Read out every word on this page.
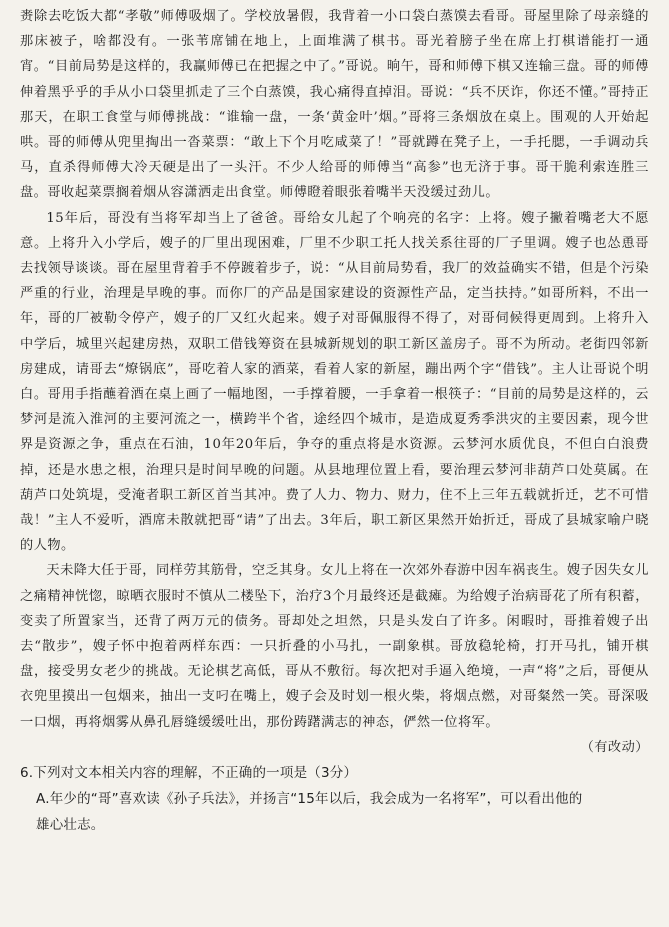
赉除去吃饭大都“孝敬”师傅吸烟了。学校放暑假，我背着一小口袋白蒸馍去看哥。哥屋里除了母亲缝的那床被子，啥都没有。一张苇席铺在地上，上面堆满了棋书。哥光着膀子坐在席上打棋谱能打一通宵。“目前局势是这样的，我赢师傅已在把握之中了。”哥说。晌午，哥和师傅下棋又连输三盘。哥的师傅伸着黑乎乎的手从小口袋里抓走了三个白蒸馍，我心痛得直掉泪。哥说：“兵不厌诈，你还不懂。”哥持正那天，在职工食堂与师傅挑战：“谁输一盘，一条‘黄金叶’烟。”哥将三条烟放在桌上。围观的人开始起哄。哥的师傅从兜里掏出一沓菜票：“敢上下个月吃咸菜了！”哥就蹲在凳子上，一手托腮，一手调动兵马，直杀得师傅大冷天硬是出了一头汗。不少人给哥的师傅当“高参”也无济于事。哥干脆利索连胜三盘。哥收起菜票搁着烟从容潇洒走出食堂。师傅瞪着眼张着嘴半天没缓过劲儿。

15年后，哥没有当将军却当上了爸爸。哥给女儿起了个响亮的名字：上将。嫂子撇着嘴老大不愿意。上将升入小学后，嫂子的厂里出现困难，厂里不少职工托人找关系往哥的厂子里调。嫂子也怂恿哥去找领导谈谈。哥在屋里背着手不停踱着步子，说：“从目前局势看，我厂的效益确实不错，但是个污染严重的行业，治理是早晚的事。而你厂的产品是国家建设的资源性产品，定当扶持。”如哥所料，不出一年，哥的厂被勒令停产，嫂子的厂又红火起来。嫂子对哥佩服得不得了，对哥伺候得更周到。上将升入中学后，城里兴起建房热，双职工借钱筹资在县城新规划的职工新区盖房子。哥不为所动。老街四邻新房建成，请哥去“燎锅底”，哥吃着人家的酒菜，看着人家的新屋，蹦出两个字“借钱”。主人让哥说个明白。哥用手指蘸着酒在桌上画了一幅地图，一手撑着腰，一手拿着一根筷子：“目前的局势是这样的，云梦河是流入淮河的主要河流之一，横跨半个省，途经四个城市，是造成夏秀季洪灾的主要因素，现今世界是资源之争，重点在石油，10年20年后，争夺的重点将是水资源。云梦河水质优良，不但白白浪费掉，还是水患之根，治理只是时间早晚的问题。从县地理位置上看，要治理云梦河非葫芦口处莫属。在葫芦口处筑堤，受淹者职工新区首当其冲。费了人力、物力、财力，住不上三年五载就折迁，艺不可惜哉！”主人不爱听，酒席未散就把哥“请”了出去。3年后，职工新区果然开始折迁，哥成了县城家喻户晓的人物。

天未降大任于哥，同样劳其筋骨，空乏其身。女儿上将在一次郊外春游中因车祸丧生。嫂子因失女儿之痛精神恍惚，晾晒衣服时不慎从二楼坠下，治疗3个月最终还是截瘫。为给嫂子治病哥花了所有积蓄，变卖了所置家当，还背了两万元的债务。哥却处之坦然，只是头发白了许多。闲暇时，哥推着嫂子出去“散步”，嫂子怀中抱着两样东西：一只折叠的小马扎，一副象棋。哥放稳轮椅，打开马扎，铺开棋盘，接受男女老少的挑战。无论棋艺高低，哥从不敷衍。每次把对手逼入绝境，一声“将”之后，哥便从衣兜里摸出一包烟来，抽出一支叼在嘴上，嫂子会及时划一根火柴，将烟点燃，对哥粲然一笑。哥深吸一口烟，再将烟雾从鼻孔唇缝缓缓吐出，那份踌躇满志的神态，俨然一位将军。

（有改动）

6.下列对文本相关内容的理解，不正确的一项是（3分）

A.年少的“哥”喜欢读《孙子兵法》，并扬言“15年以后，我会成为一名将军”，可以看出他的
雄心壮志。
